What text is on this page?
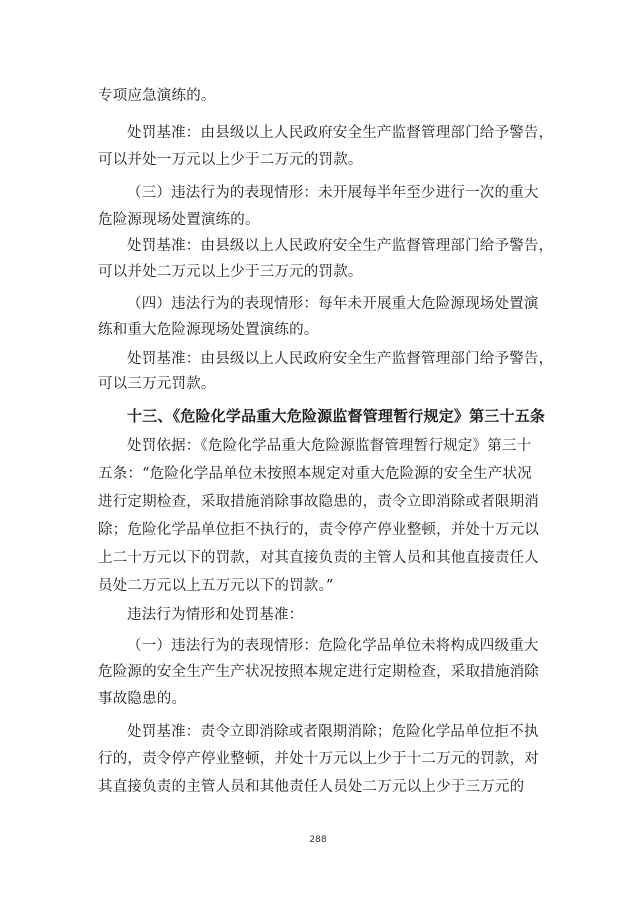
专项应急演练的。
处罚基准：由县级以上人民政府安全生产监督管理部门给予警告，
可以并处一万元以上少于二万元的罚款。
（三）违法行为的表现情形：未开展每半年至少进行一次的重大
危险源现场处置演练的。
处罚基准：由县级以上人民政府安全生产监督管理部门给予警告，
可以并处二万元以上少于三万元的罚款。
（四）违法行为的表现情形：每年未开展重大危险源现场处置演
练和重大危险源现场处置演练的。
处罚基准：由县级以上人民政府安全生产监督管理部门给予警告，
可以三万元罚款。
十三、《危险化学品重大危险源监督管理暂行规定》第三十五条
处罚依据：《危险化学品重大危险源监督管理暂行规定》第三十
五条：“危险化学品单位未按照本规定对重大危险源的安全生产状况
进行定期检查，采取措施消除事故隐患的，责令立即消除或者限期消
除；危险化学品单位拒不执行的，责令停产停业整顿，并处十万元以
上二十万元以下的罚款，对其直接负责的主管人员和其他直接责任人
员处二万元以上五万元以下的罚款。”
违法行为情形和处罚基准：
（一）违法行为的表现情形：危险化学品单位未将构成四级重大
危险源的安全生产生产状况按照本规定进行定期检查，采取措施消除
事故隐患的。
处罚基准：责令立即消除或者限期消除；危险化学品单位拒不执
行的，责令停产停业整顿，并处十万元以上少于十二万元的罚款，对
其直接负责的主管人员和其他责任人员处二万元以上少于三万元的
288
